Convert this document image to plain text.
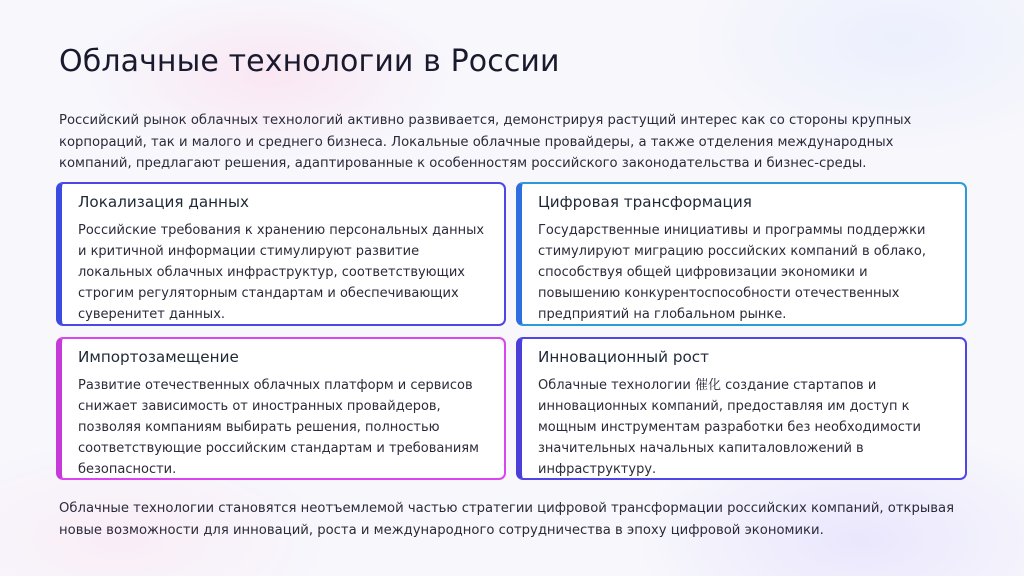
Облачные технологии в России

Российский рынок облачных технологий активно развивается, демонстрируя растущий интерес как со стороны крупных корпораций, так и малого и среднего бизнеса. Локальные облачные провайдеры, а также отделения международных компаний, предлагают решения, адаптированные к особенностям российского законодательства и бизнес-среды.

Локализация данных
Российские требования к хранению персональных данных и критичной информации стимулируют развитие локальных облачных инфраструктур, соответствующих строгим регуляторным стандартам и обеспечивающих суверенитет данных.
Цифровая трансформация
Государственные инициативы и программы поддержки стимулируют миграцию российских компаний в облако, способствуя общей цифровизации экономики и повышению конкурентоспособности отечественных предприятий на глобальном рынке.
Импортозамещение
Развитие отечественных облачных платформ и сервисов снижает зависимость от иностранных провайдеров, позволяя компаниям выбирать решения, полностью соответствующие российским стандартам и требованиям безопасности.
Инновационный рост
Облачные технологии 催化 создание стартапов и инновационных компаний, предоставляя им доступ к мощным инструментам разработки без необходимости значительных начальных капиталовложений в инфраструктуру.

Облачные технологии становятся неотъемлемой частью стратегии цифровой трансформации российских компаний, открывая новые возможности для инноваций, роста и международного сотрудничества в эпоху цифровой экономики.
